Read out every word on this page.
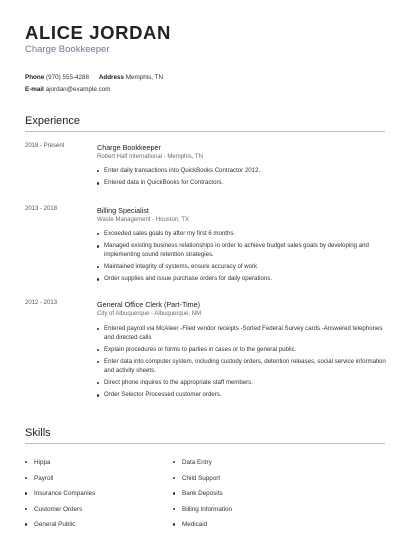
ALICE JORDAN
Charge Bookkeeper
Phone (970) 555-4288 Address Memphis, TN
E-mail ajordan@example.com
Experience
2018 - Present	Charge Bookkeeper
Robert Half International - Memphis, TN
Enter daily transactions into QuickBooks Contractor 2012.
Entered data in QuickBooks for Contractors.
2013 - 2018	Billing Specialist
Waste Management - Houston, TX
Exceeded sales goals by after my first 6 months.
Managed existing business relationships in order to achieve budget sales goals by developing and implementing sound retention strategies.
Maintained integrity of systems, ensure accuracy of work
Order supplies and issue purchase orders for daily operations.
2012 - 2013	General Office Clerk (Part-Time)
City of Albuquerque - Albuquerque, NM
Entered payroll via McAleer -Filed vendor receipts -Sorted Federal Survey cards -Answered telephones and directed calls
Explain procedures or forms to parties in cases or to the general public.
Enter data into computer system, including custody orders, detention releases, social service information and activity sheets.
Direct phone inquires to the appropriate staff members.
Order Selector Processed customer orders.
Skills
Hippa
Payroll
Insurance Companies
Customer Orders
General Public
Data Entry
Child Support
Bank Deposits
Billing Information
Medicaid
